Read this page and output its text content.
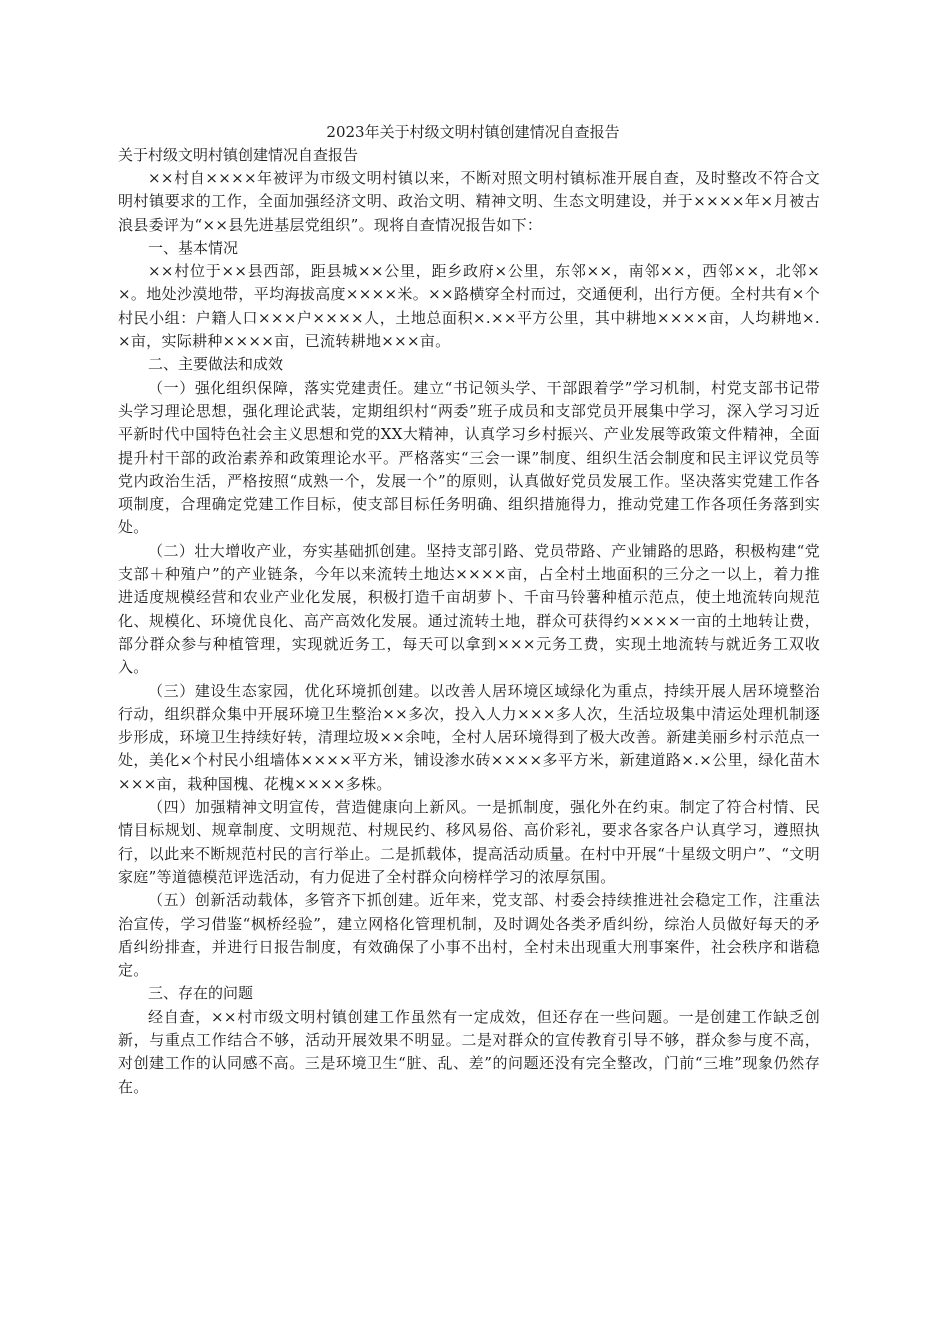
2023年关于村级文明村镇创建情况自查报告

关于村级文明村镇创建情况自查报告

××村自××××年被评为市级文明村镇以来，不断对照文明村镇标准开展自查，及时整改不符合文明村镇要求的工作，全面加强经济文明、政治文明、精神文明、生态文明建设，并于××××年×月被古浪县委评为“××县先进基层党组织”。现将自查情况报告如下：

一、基本情况

××村位于××县西部，距县城××公里，距乡政府×公里，东邻××，南邻××，西邻××，北邻××。地处沙漠地带，平均海拔高度××××米。××路横穿全村而过，交通便利，出行方便。全村共有×个村民小组：户籍人口×××户××××人，土地总面积×.××平方公里，其中耕地××××亩，人均耕地×.×亩，实际耕种××××亩，已流转耕地×××亩。

二、主要做法和成效

（一）强化组织保障，落实党建责任。建立“书记领头学、干部跟着学”学习机制，村党支部书记带头学习理论思想，强化理论武装，定期组织村“两委”班子成员和支部党员开展集中学习，深入学习习近平新时代中国特色社会主义思想和党的XX大精神，认真学习乡村振兴、产业发展等政策文件精神，全面提升村干部的政治素养和政策理论水平。严格落实“三会一课”制度、组织生活会制度和民主评议党员等党内政治生活，严格按照“成熟一个，发展一个”的原则，认真做好党员发展工作。坚决落实党建工作各项制度，合理确定党建工作目标，使支部目标任务明确、组织措施得力，推动党建工作各项任务落到实处。

（二）壮大增收产业，夯实基础抓创建。坚持支部引路、党员带路、产业铺路的思路，积极构建“党支部＋种殖户”的产业链条，今年以来流转土地达××××亩，占全村土地面积的三分之一以上，着力推进适度规模经营和农业产业化发展，积极打造千亩胡萝卜、千亩马铃薯种植示范点，使土地流转向规范化、规模化、环境优良化、高产高效化发展。通过流转土地，群众可获得约××××一亩的土地转让费，部分群众参与种植管理，实现就近务工，每天可以拿到×××元务工费，实现土地流转与就近务工双收入。

（三）建设生态家园，优化环境抓创建。以改善人居环境区域绿化为重点，持续开展人居环境整治行动，组织群众集中开展环境卫生整治××多次，投入人力×××多人次，生活垃圾集中清运处理机制逐步形成，环境卫生持续好转，清理垃圾××余吨，全村人居环境得到了极大改善。新建美丽乡村示范点一处，美化×个村民小组墙体××××平方米，铺设渗水砖××××多平方米，新建道路×.×公里，绿化苗木×××亩，栽种国槐、花槐××××多株。

（四）加强精神文明宣传，营造健康向上新风。一是抓制度，强化外在约束。制定了符合村情、民情目标规划、规章制度、文明规范、村规民约、移风易俗、高价彩礼，要求各家各户认真学习，遵照执行，以此来不断规范村民的言行举止。二是抓载体，提高活动质量。在村中开展“十星级文明户”、“文明家庭”等道德模范评选活动，有力促进了全村群众向榜样学习的浓厚氛围。

（五）创新活动载体，多管齐下抓创建。近年来，党支部、村委会持续推进社会稳定工作，注重法治宣传，学习借鉴“枫桥经验”，建立网格化管理机制，及时调处各类矛盾纠纷，综治人员做好每天的矛盾纠纷排查，并进行日报告制度，有效确保了小事不出村，全村未出现重大刑事案件，社会秩序和谐稳定。

三、存在的问题

经自查，××村市级文明村镇创建工作虽然有一定成效，但还存在一些问题。一是创建工作缺乏创新，与重点工作结合不够，活动开展效果不明显。二是对群众的宣传教育引导不够，群众参与度不高，对创建工作的认同感不高。三是环境卫生“脏、乱、差”的问题还没有完全整改，门前“三堆”现象仍然存在。
